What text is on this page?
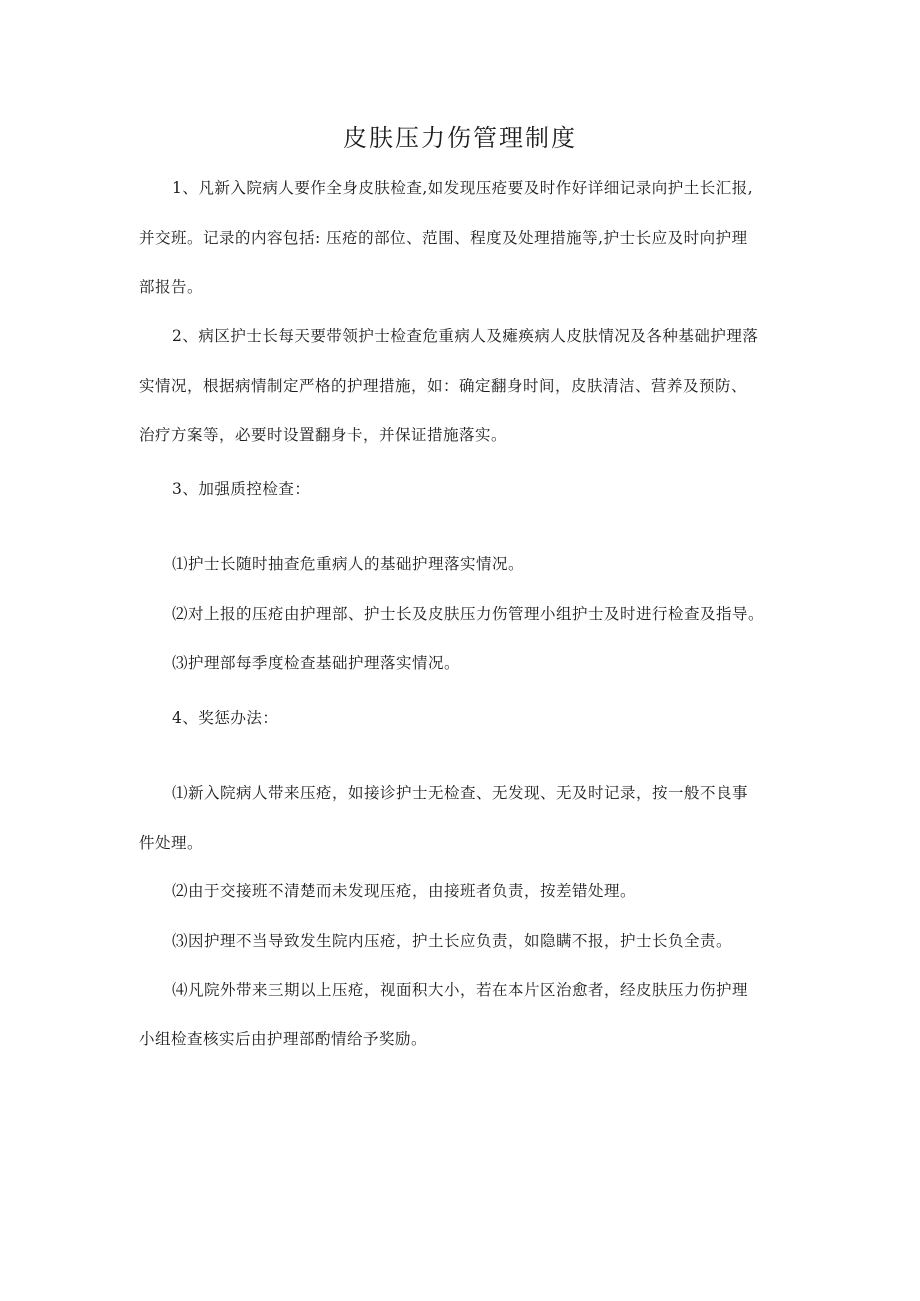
皮肤压力伤管理制度

1、凡新入院病人要作全身皮肤检查,如发现压疮要及时作好详细记录向护土长汇报,

并交班。记录的内容包括: 压疮的部位、范围、程度及处理措施等,护士长应及时向护理

部报告。

2、病区护士长每天要带领护士检查危重病人及瘫痪病人皮肤情况及各种基础护理落

实情况，根据病情制定严格的护理措施，如：确定翻身时间，皮肤清洁、营养及预防、

治疗方案等，必要时设置翻身卡，并保证措施落实。

3、加强质控检查：

⑴护士长随时抽查危重病人的基础护理落实情况。

⑵对上报的压疮由护理部、护士长及皮肤压力伤管理小组护士及时进行检查及指导。

⑶护理部每季度检查基础护理落实情况。

4、奖惩办法：

⑴新入院病人带来压疮，如接诊护士无检查、无发现、无及时记录，按一般不良事

件处理。

⑵由于交接班不清楚而未发现压疮，由接班者负责，按差错处理。

⑶因护理不当导致发生院内压疮，护土长应负责，如隐瞒不报，护士长负全责。

⑷凡院外带来三期以上压疮，视面积大小，若在本片区治愈者，经皮肤压力伤护理

小组检查核实后由护理部酌情给予奖励。
